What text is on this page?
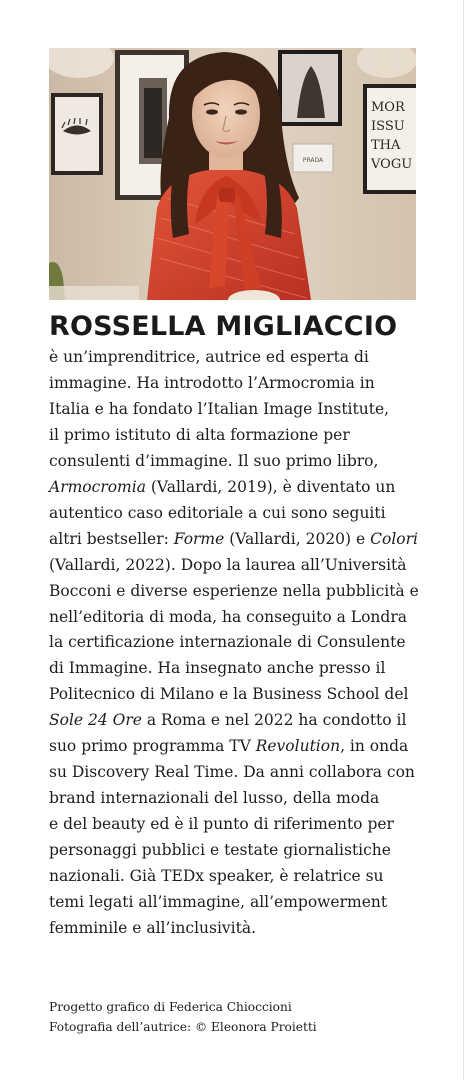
PRADA
MOR ISSU THA VOGU
ROSSELLA MIGLIACCIO
è un’imprenditrice, autrice ed esperta di
immagine. Ha introdotto l’Armocromia in
Italia e ha fondato l’Italian Image Institute,
il primo istituto di alta formazione per
consulenti d’immagine. Il suo primo libro,
Armocromia (Vallardi, 2019), è diventato un
autentico caso editoriale a cui sono seguiti
altri bestseller: Forme (Vallardi, 2020) e Colori
(Vallardi, 2022). Dopo la laurea all’Università
Bocconi e diverse esperienze nella pubblicità e
nell’editoria di moda, ha conseguito a Londra
la certificazione internazionale di Consulente
di Immagine. Ha insegnato anche presso il
Politecnico di Milano e la Business School del
Sole 24 Ore a Roma e nel 2022 ha condotto il
suo primo programma TV Revolution, in onda
su Discovery Real Time. Da anni collabora con
brand internazionali del lusso, della moda
e del beauty ed è il punto di riferimento per
personaggi pubblici e testate giornalistiche
nazionali. Già TEDx speaker, è relatrice su
temi legati all’immagine, all’empowerment
femminile e all’inclusività.
Progetto grafico di Federica Chioccioni
Fotografia dell’autrice: © Eleonora Proietti
